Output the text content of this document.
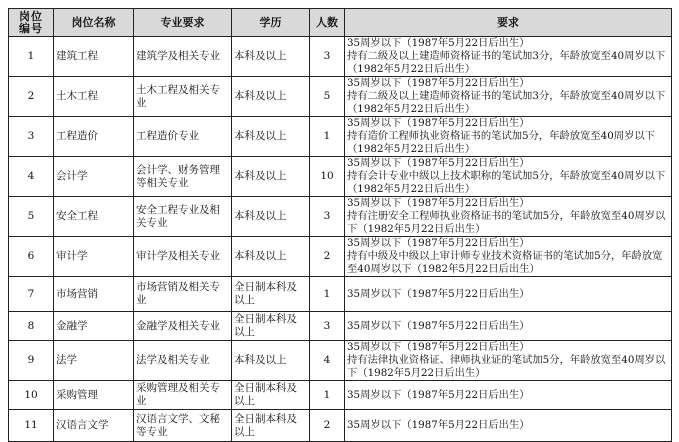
岗位
编号	岗位名称	专业要求	学历	人数	要求
1	建筑工程	建筑学及相关专业	本科及以上	3	35周岁以下（1987年5月22日后出生）
持有二级及以上建造师资格证书的笔试加3分，年龄放宽至40周岁以下（1982年5月22日后出生）
2	土木工程	土木工程及相关专业	本科及以上	5	35周岁以下（1987年5月22日后出生）
持有二级及以上建造师资格证书的笔试加3分，年龄放宽至40周岁以下（1982年5月22日后出生）
3	工程造价	工程造价专业	本科及以上	1	35周岁以下（1987年5月22日后出生）
持有造价工程师执业资格证书的笔试加5分，年龄放宽至40周岁以下（1982年5月22日后出生）
4	会计学	会计学、财务管理等相关专业	本科及以上	10	35周岁以下（1987年5月22日后出生）
持有会计专业中级以上技术职称的笔试加5分，年龄放宽至40周岁以下（1982年5月22日后出生）
5	安全工程	安全工程专业及相关专业	本科及以上	3	35周岁以下（1987年5月22日后出生）
持有注册安全工程师执业资格证书的笔试加5分，年龄放宽至40周岁以下（1982年5月22日后出生）
6	审计学	审计学及相关专业	本科及以上	2	35周岁以下（1987年5月22日后出生）
持有中级及中级以上审计师专业技术资格证书的笔试加5分，年龄放宽至40周岁以下（1982年5月22日后出生）
7	市场营销	市场营销及相关专业	全日制本科及以上	1	35周岁以下（1987年5月22日后出生）
8	金融学	金融学及相关专业	全日制本科及以上	3	35周岁以下（1987年5月22日后出生）
9	法学	法学及相关专业	本科及以上	4	35周岁以下（1987年5月22日后出生）
持有法律执业资格证、律师执业证的笔试加5分，年龄放宽至40周岁以下（1982年5月22日后出生）
10	采购管理	采购管理及相关专业	全日制本科及以上	1	35周岁以下（1987年5月22日后出生）
11	汉语言文学	汉语言文学、文秘等专业	全日制本科及以上	2	35周岁以下（1987年5月22日后出生）
